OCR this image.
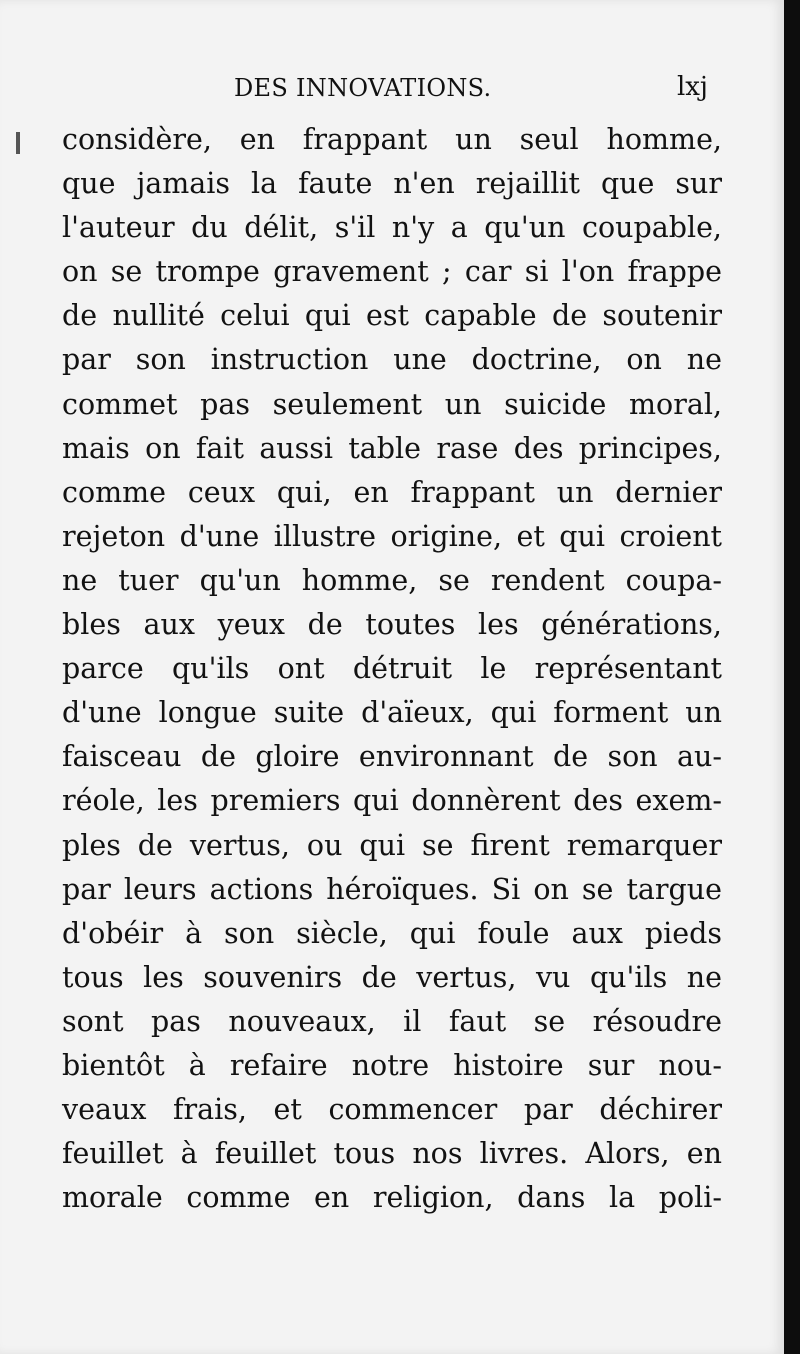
DES INNOVATIONS.	lxj
considère, en frappant un seul homme,
que jamais la faute n'en rejaillit que sur
l'auteur du délit, s'il n'y a qu'un coupable,
on se trompe gravement ; car si l'on frappe
de nullité celui qui est capable de soutenir
par son instruction une doctrine, on ne
commet pas seulement un suicide moral,
mais on fait aussi table rase des principes,
comme ceux qui, en frappant un dernier
rejeton d'une illustre origine, et qui croient
ne tuer qu'un homme, se rendent coupa-
bles aux yeux de toutes les générations,
parce qu'ils ont détruit le représentant
d'une longue suite d'aïeux, qui forment un
faisceau de gloire environnant de son au-
réole, les premiers qui donnèrent des exem-
ples de vertus, ou qui se firent remarquer
par leurs actions héroïques. Si on se targue
d'obéir à son siècle, qui foule aux pieds
tous les souvenirs de vertus, vu qu'ils ne
sont pas nouveaux, il faut se résoudre
bientôt à refaire notre histoire sur nou-
veaux frais, et commencer par déchirer
feuillet à feuillet tous nos livres. Alors, en
morale comme en religion, dans la poli-
